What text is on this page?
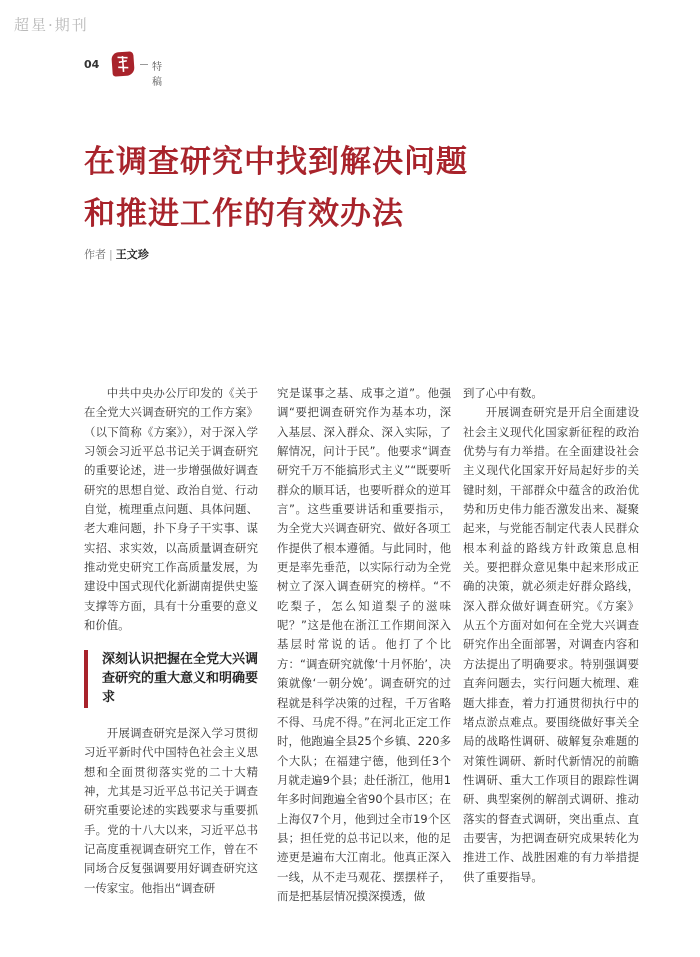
超星·期刊
04	特稿
在调查研究中找到解决问题
和推进工作的有效办法
作者 | 王文珍

中共中央办公厅印发的《关于在全党大兴调查研究的工作方案》（以下简称《方案》），对于深入学习领会习近平总书记关于调查研究的重要论述，进一步增强做好调查研究的思想自觉、政治自觉、行动自觉，梳理重点问题、具体问题、老大难问题，扑下身子干实事、谋实招、求实效，以高质量调查研究推动党史研究工作高质量发展，为建设中国式现代化新湖南提供史鉴支撑等方面，具有十分重要的意义和价值。

深刻认识把握在全党大兴调查研究的重大意义和明确要求

开展调查研究是深入学习贯彻习近平新时代中国特色社会主义思想和全面贯彻落实党的二十大精神，尤其是习近平总书记关于调查研究重要论述的实践要求与重要抓手。党的十八大以来，习近平总书记高度重视调查研究工作，曾在不同场合反复强调要用好调查研究这一传家宝。他指出“调查研

究是谋事之基、成事之道”。他强调“要把调查研究作为基本功，深入基层、深入群众、深入实际，了解情况，问计于民”。他要求“调查研究千万不能搞形式主义”“既要听群众的顺耳话，也要听群众的逆耳言”。这些重要讲话和重要指示，为全党大兴调查研究、做好各项工作提供了根本遵循。与此同时，他更是率先垂范，以实际行动为全党树立了深入调查研究的榜样。“不吃梨子，怎么知道梨子的滋味呢？”这是他在浙江工作期间深入基层时常说的话。他打了个比方：“调查研究就像‘十月怀胎’，决策就像‘一朝分娩’。调查研究的过程就是科学决策的过程，千万省略不得、马虎不得。”在河北正定工作时，他跑遍全县25个乡镇、220多个大队；在福建宁德，他到任3个月就走遍9个县；赴任浙江，他用1年多时间跑遍全省90个县市区；在上海仅7个月，他到过全市19个区县；担任党的总书记以来，他的足迹更是遍布大江南北。他真正深入一线，从不走马观花、摆摆样子，而是把基层情况摸深摸透，做

到了心中有数。

开展调查研究是开启全面建设社会主义现代化国家新征程的政治优势与有力举措。在全面建设社会主义现代化国家开好局起好步的关键时刻，干部群众中蕴含的政治优势和历史伟力能否激发出来、凝聚起来，与党能否制定代表人民群众根本利益的路线方针政策息息相关。要把群众意见集中起来形成正确的决策，就必须走好群众路线，深入群众做好调查研究。《方案》从五个方面对如何在全党大兴调查研究作出全面部署，对调查内容和方法提出了明确要求。特别强调要直奔问题去，实行问题大梳理、难题大排查，着力打通贯彻执行中的堵点淤点难点。要围绕做好事关全局的战略性调研、破解复杂难题的对策性调研、新时代新情况的前瞻性调研、重大工作项目的跟踪性调研、典型案例的解剖式调研、推动落实的督查式调研，突出重点、直击要害，为把调查研究成果转化为推进工作、战胜困难的有力举措提供了重要指导。
